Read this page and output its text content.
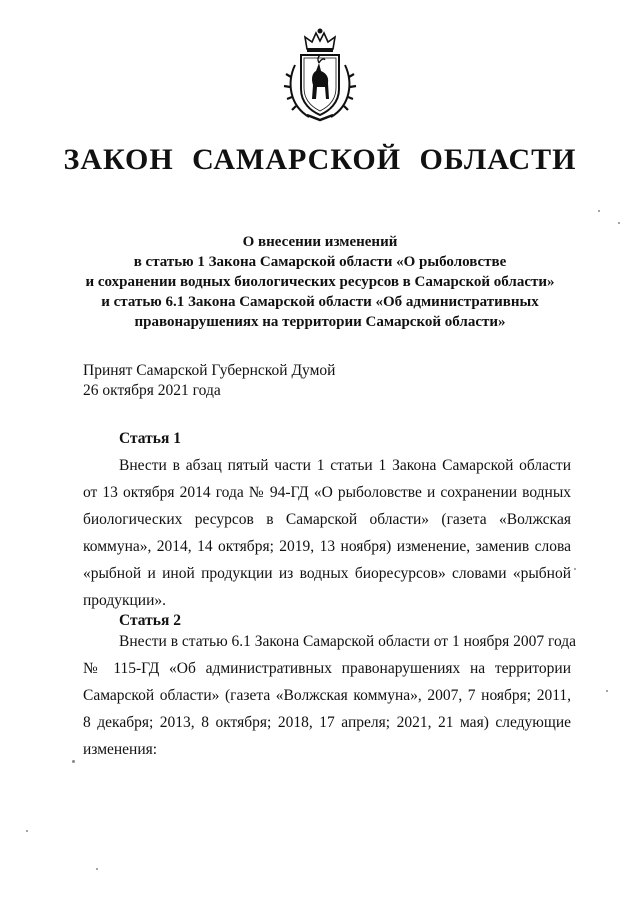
ЗАКОН САМАРСКОЙ ОБЛАСТИ
О внесении изменений
в статью 1 Закона Самарской области «О рыболовстве
и сохранении водных биологических ресурсов в Самарской области»
и статью 6.1 Закона Самарской области «Об административных
правонарушениях на территории Самарской области»
Принят Самарской Губернской Думой
26 октября 2021 года
Статья 1
Внести в абзац пятый части 1 статьи 1 Закона Самарской области
от 13 октября 2014 года № 94-ГД «О рыболовстве и сохранении водных
биологических ресурсов в Самарской области» (газета «Волжская
коммуна», 2014, 14 октября; 2019, 13 ноября) изменение, заменив слова
«рыбной и иной продукции из водных биоресурсов» словами «рыбной
продукции».
Статья 2
Внести в статью 6.1 Закона Самарской области от 1 ноября 2007 года
№ 115-ГД «Об административных правонарушениях на территории
Самарской области» (газета «Волжская коммуна», 2007, 7 ноября; 2011,
8 декабря; 2013, 8 октября; 2018, 17 апреля; 2021, 21 мая) следующие
изменения:
